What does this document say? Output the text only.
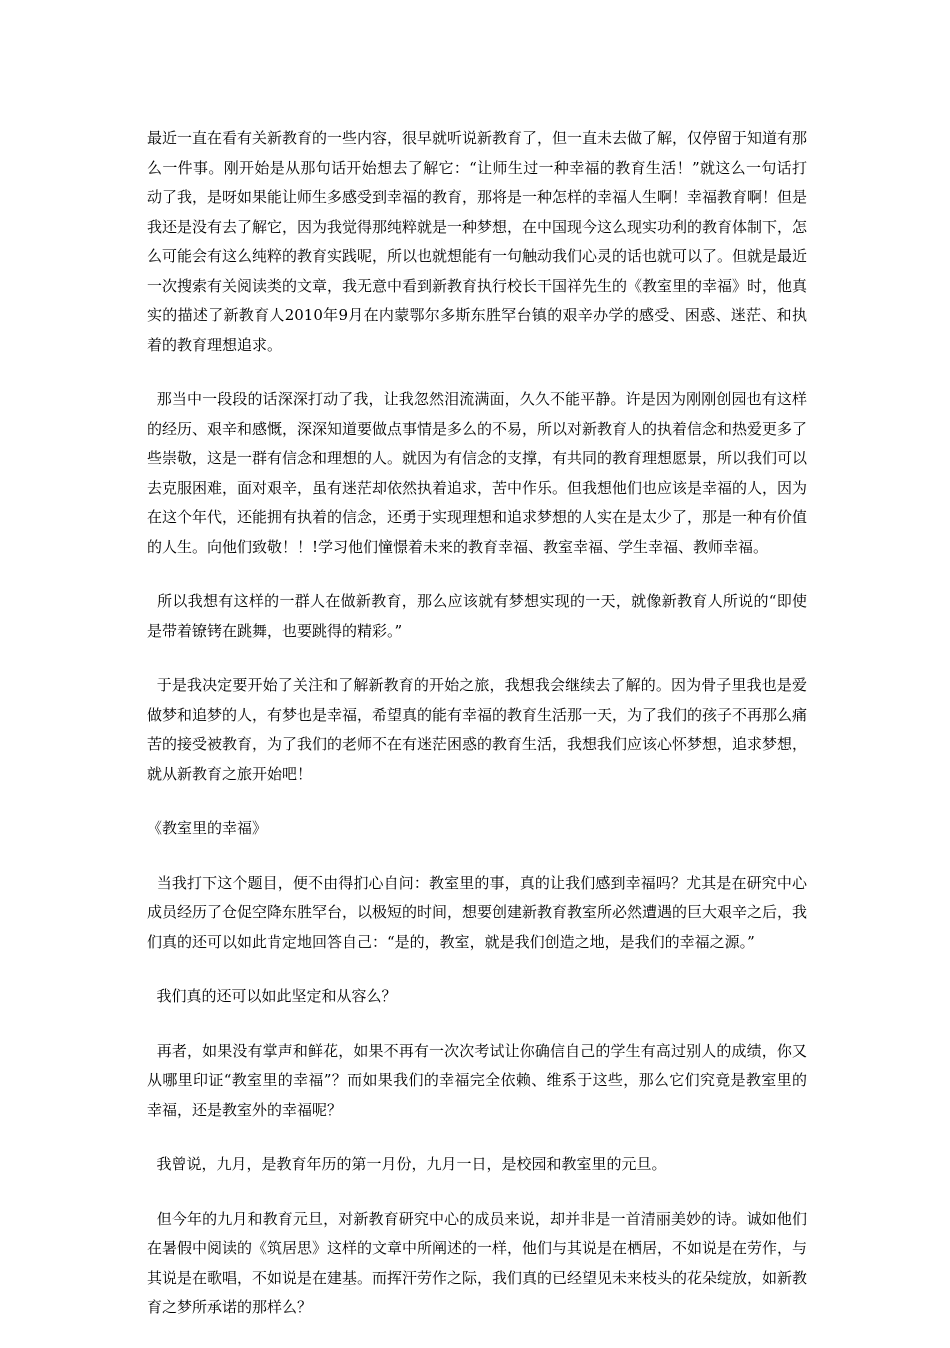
最近一直在看有关新教育的一些内容，很早就听说新教育了，但一直未去做了解，仅停留于知道有那么一件事。刚开始是从那句话开始想去了解它：“让师生过一种幸福的教育生活！”就这么一句话打动了我，是呀如果能让师生多感受到幸福的教育，那将是一种怎样的幸福人生啊！幸福教育啊！但是我还是没有去了解它，因为我觉得那纯粹就是一种梦想，在中国现今这么现实功利的教育体制下，怎么可能会有这么纯粹的教育实践呢，所以也就想能有一句触动我们心灵的话也就可以了。但就是最近一次搜索有关阅读类的文章，我无意中看到新教育执行校长干国祥先生的《教室里的幸福》时，他真实的描述了新教育人2010年9月在内蒙鄂尔多斯东胜罕台镇的艰辛办学的感受、困惑、迷茫、和执着的教育理想追求。

那当中一段段的话深深打动了我，让我忽然泪流满面，久久不能平静。许是因为刚刚创园也有这样的经历、艰辛和感慨，深深知道要做点事情是多么的不易，所以对新教育人的执着信念和热爱更多了些崇敬，这是一群有信念和理想的人。就因为有信念的支撑，有共同的教育理想愿景，所以我们可以去克服困难，面对艰辛，虽有迷茫却依然执着追求，苦中作乐。但我想他们也应该是幸福的人，因为在这个年代，还能拥有执着的信念，还勇于实现理想和追求梦想的人实在是太少了，那是一种有价值的人生。向他们致敬！！!学习他们憧憬着未来的教育幸福、教室幸福、学生幸福、教师幸福。

所以我想有这样的一群人在做新教育，那么应该就有梦想实现的一天，就像新教育人所说的“即使是带着镣铐在跳舞，也要跳得的精彩。”

于是我决定要开始了关注和了解新教育的开始之旅，我想我会继续去了解的。因为骨子里我也是爱做梦和追梦的人，有梦也是幸福，希望真的能有幸福的教育生活那一天，为了我们的孩子不再那么痛苦的接受被教育，为了我们的老师不在有迷茫困惑的教育生活，我想我们应该心怀梦想，追求梦想，就从新教育之旅开始吧！

《教室里的幸福》

当我打下这个题目，便不由得扪心自问：教室里的事，真的让我们感到幸福吗？尤其是在研究中心成员经历了仓促空降东胜罕台，以极短的时间，想要创建新教育教室所必然遭遇的巨大艰辛之后，我们真的还可以如此肯定地回答自己：“是的，教室，就是我们创造之地，是我们的幸福之源。”

我们真的还可以如此坚定和从容么？

再者，如果没有掌声和鲜花，如果不再有一次次考试让你确信自己的学生有高过别人的成绩，你又从哪里印证“教室里的幸福”？而如果我们的幸福完全依赖、维系于这些，那么它们究竟是教室里的幸福，还是教室外的幸福呢？

我曾说，九月，是教育年历的第一月份，九月一日，是校园和教室里的元旦。

但今年的九月和教育元旦，对新教育研究中心的成员来说，却并非是一首清丽美妙的诗。诚如他们在暑假中阅读的《筑居思》这样的文章中所阐述的一样，他们与其说是在栖居，不如说是在劳作，与其说是在歌唱，不如说是在建基。而挥汗劳作之际，我们真的已经望见未来枝头的花朵绽放，如新教育之梦所承诺的那样么？
